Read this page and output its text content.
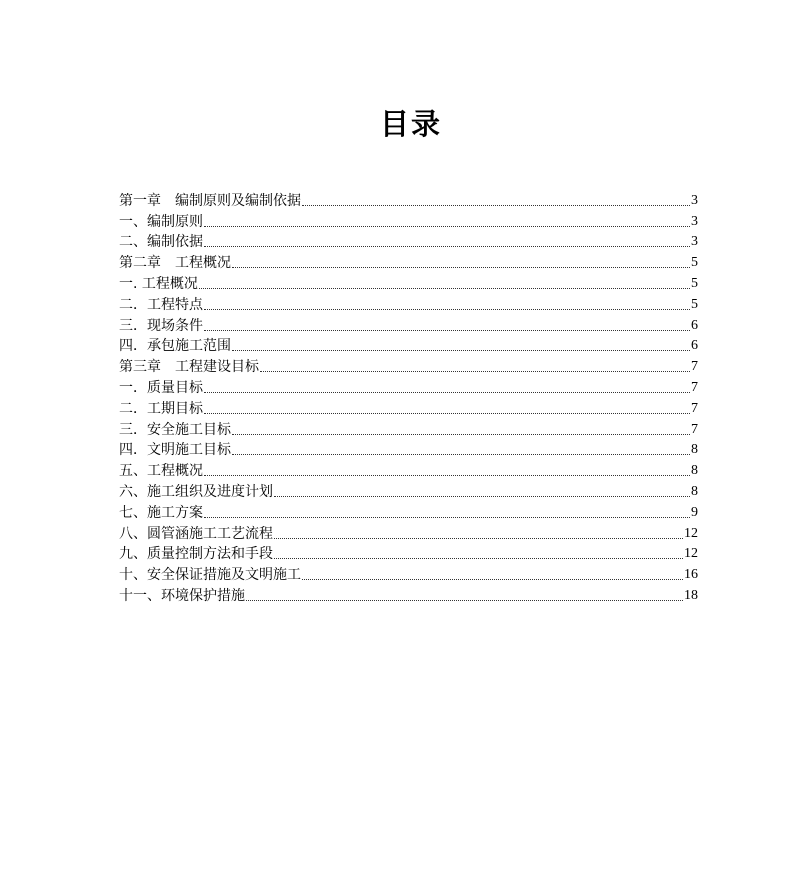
目录
第一章　编制原则及编制依据	3
一、编制原则	3
二、编制依据	3
第二章　工程概况	5
一. 工程概况	5
二．工程特点	5
三．现场条件	6
四．承包施工范围	6
第三章　工程建设目标	7
一．质量目标	7
二．工期目标	7
三．安全施工目标	7
四．文明施工目标	8
五、工程概况	8
六、施工组织及进度计划	8
七、施工方案	9
八、圆管涵施工工艺流程	12
九、质量控制方法和手段	12
十、安全保证措施及文明施工	16
十一、环境保护措施	18
